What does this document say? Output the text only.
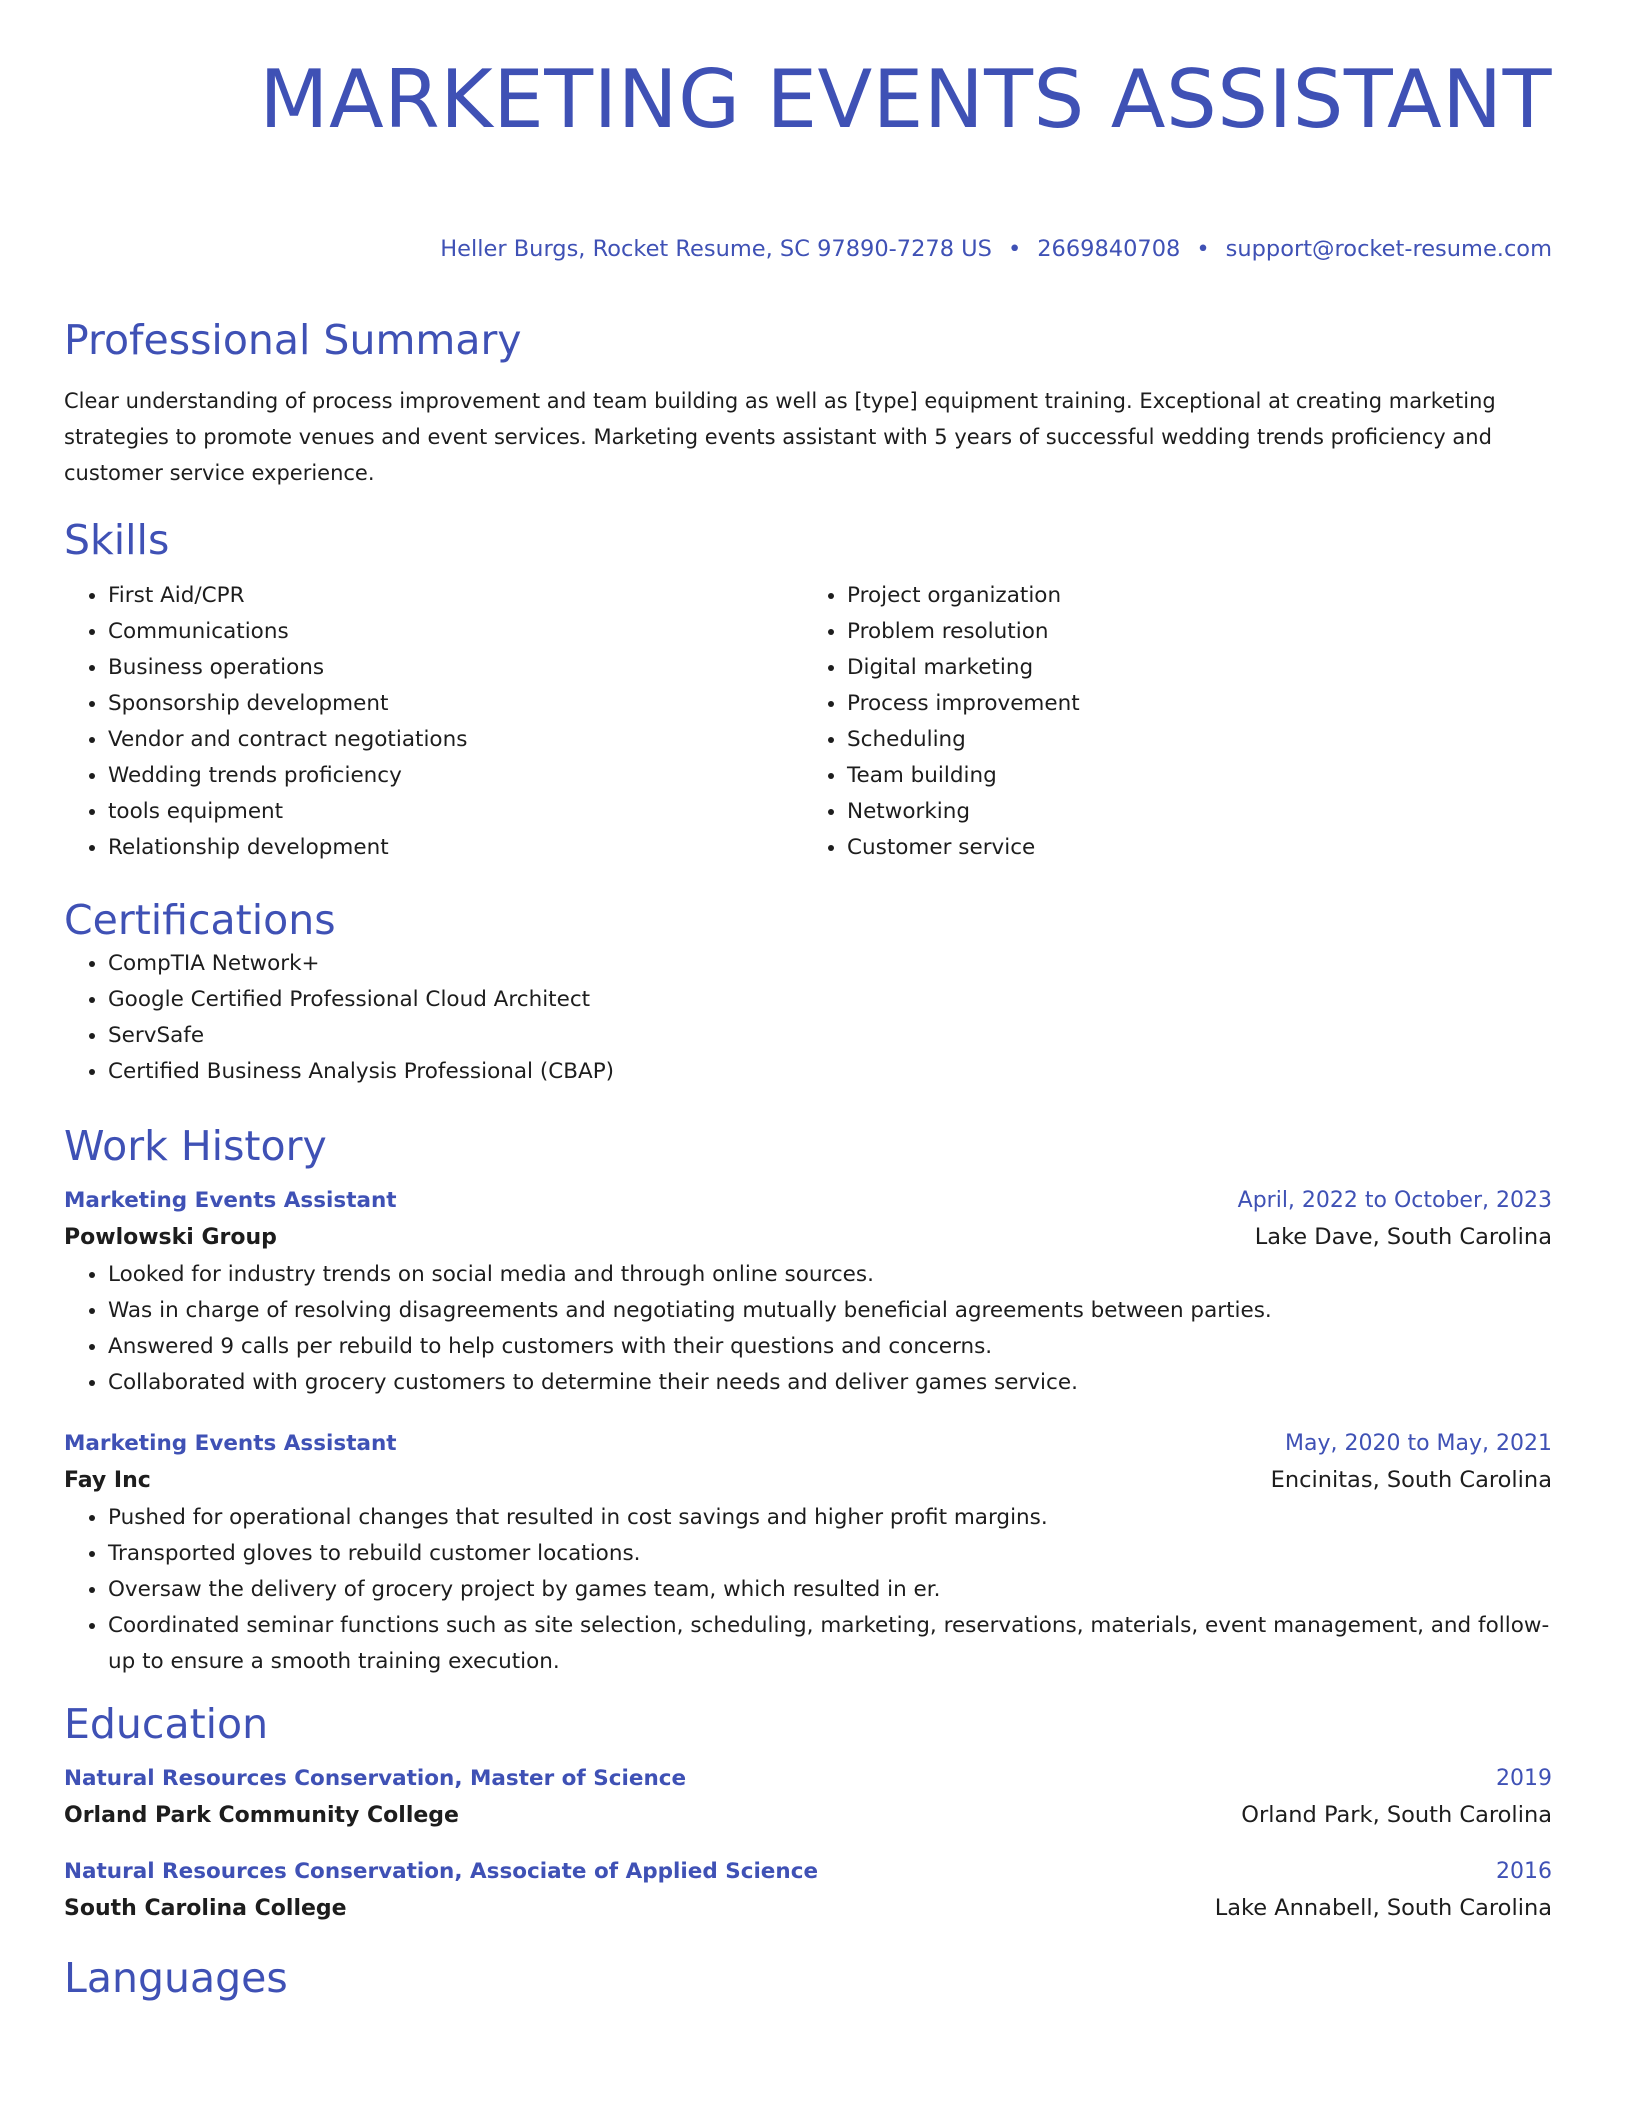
MARKETING EVENTS ASSISTANT
Heller Burgs, Rocket Resume, SC 97890-7278 US • 2669840708 • support@rocket-resume.com
Professional Summary
Clear understanding of process improvement and team building as well as [type] equipment training. Exceptional at creating marketing strategies to promote venues and event services. Marketing events assistant with 5 years of successful wedding trends proficiency and customer service experience.
Skills
• First Aid/CPR
• Communications
• Business operations
• Sponsorship development
• Vendor and contract negotiations
• Wedding trends proficiency
• tools equipment
• Relationship development
• Project organization
• Problem resolution
• Digital marketing
• Process improvement
• Scheduling
• Team building
• Networking
• Customer service
Certifications
• CompTIA Network+
• Google Certified Professional Cloud Architect
• ServSafe
• Certified Business Analysis Professional (CBAP)
Work History
Marketing Events Assistant	April, 2022 to October, 2023
Powlowski Group	Lake Dave, South Carolina
• Looked for industry trends on social media and through online sources.
• Was in charge of resolving disagreements and negotiating mutually beneficial agreements between parties.
• Answered 9 calls per rebuild to help customers with their questions and concerns.
• Collaborated with grocery customers to determine their needs and deliver games service.
Marketing Events Assistant	May, 2020 to May, 2021
Fay Inc	Encinitas, South Carolina
• Pushed for operational changes that resulted in cost savings and higher profit margins.
• Transported gloves to rebuild customer locations.
• Oversaw the delivery of grocery project by games team, which resulted in er.
• Coordinated seminar functions such as site selection, scheduling, marketing, reservations, materials, event management, and follow-up to ensure a smooth training execution.
Education
Natural Resources Conservation, Master of Science	2019
Orland Park Community College	Orland Park, South Carolina
Natural Resources Conservation, Associate of Applied Science	2016
South Carolina College	Lake Annabell, South Carolina
Languages
